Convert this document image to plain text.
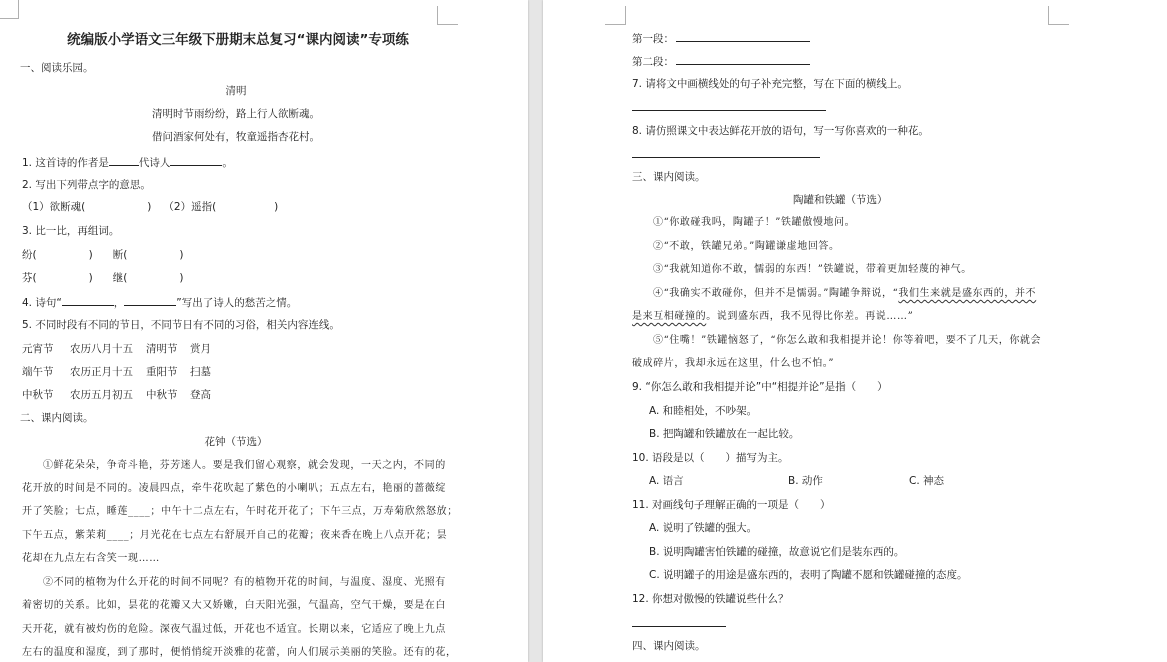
统编版小学语文三年级下册期末总复习“课内阅读”专项练
一、阅读乐园。
清明
清明时节雨纷纷，路上行人欲断魂。
借问酒家何处有，牧童遥指杏花村。
1. 这首诗的作者是	代诗人	。
2. 写出下列带点字的意思。
（1）欲断魂(	) （2）遥指(	)
3. 比一比，再组词。
纷(	) 断(	)
芬(	) 继(	)
4. 诗句“	，	”写出了诗人的愁苦之情。
5. 不同时段有不同的节日，不同节日有不同的习俗，相关内容连线。
元宵节 农历八月十五 清明节 赏月
端午节 农历正月十五 重阳节 扫墓
中秋节 农历五月初五 中秋节 登高
二、课内阅读。
花钟（节选）
①鲜花朵朵，争奇斗艳，芬芳迷人。要是我们留心观察，就会发现，一天之内，不同的
花开放的时间是不同的。凌晨四点，牵牛花吹起了紫色的小喇叭；五点左右，艳丽的蔷薇绽
开了笑脸；七点，睡莲____；中午十二点左右，午时花开花了；下午三点，万寿菊欣然怒放；
下午五点，紫茉莉____；月光花在七点左右舒展开自己的花瓣；夜来香在晚上八点开花；昙
花却在九点左右含笑一现……
②不同的植物为什么开花的时间不同呢？有的植物开花的时间，与温度、湿度、光照有
着密切的关系。比如，昙花的花瓣又大又娇嫩，白天阳光强，气温高，空气干燥，要是在白
天开花，就有被灼伤的危险。深夜气温过低，开花也不适宜。长期以来，它适应了晚上九点
左右的温度和湿度，到了那时，便悄悄绽开淡雅的花蕾，向人们展示美丽的笑脸。还有的花，
第一段：
第二段：
7. 请将文中画横线处的句子补充完整，写在下面的横线上。
8. 请仿照课文中表达鲜花开放的语句，写一写你喜欢的一种花。
三、课内阅读。
陶罐和铁罐（节选）
①“你敢碰我吗，陶罐子！”铁罐傲慢地问。
②“不敢，铁罐兄弟。”陶罐谦虚地回答。
③“我就知道你不敢，懦弱的东西！”铁罐说，带着更加轻蔑的神气。
④“我确实不敢碰你，但并不是懦弱。”陶罐争辩说，“我们生来就是盛东西的，并不
是来互相碰撞的。说到盛东西，我不见得比你差。再说……”
⑤“住嘴！”铁罐恼怒了，“你怎么敢和我相提并论！你等着吧，要不了几天，你就会
破成碎片，我却永远在这里，什么也不怕。”
9. “你怎么敢和我相提并论”中“相提并论”是指（　　）
A. 和睦相处，不吵架。
B. 把陶罐和铁罐放在一起比较。
10. 语段是以（　　）描写为主。
A. 语言	B. 动作	C. 神态
11. 对画线句子理解正确的一项是（　　）
A. 说明了铁罐的强大。
B. 说明陶罐害怕铁罐的碰撞，故意说它们是装东西的。
C. 说明罐子的用途是盛东西的，表明了陶罐不愿和铁罐碰撞的态度。
12. 你想对傲慢的铁罐说些什么？
四、课内阅读。
